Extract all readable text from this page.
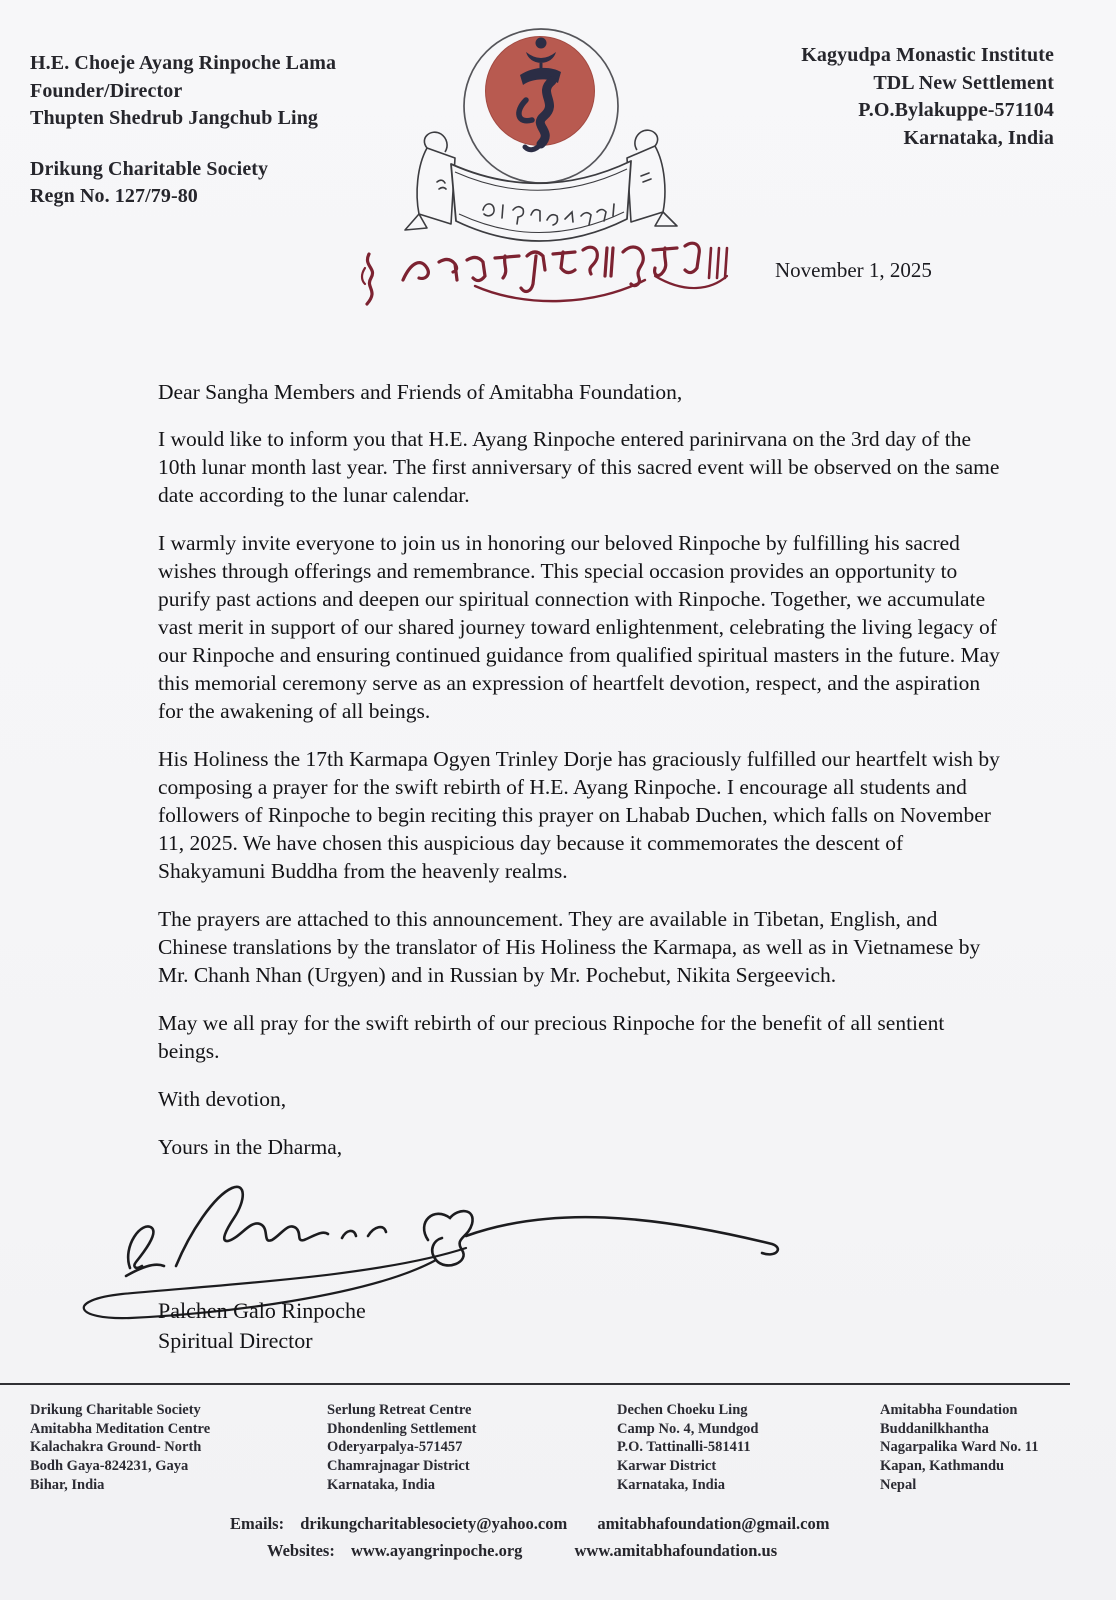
H.E. Choeje Ayang Rinpoche Lama
Founder/Director
Thupten Shedrub Jangchub Ling
Drikung Charitable Society
Regn No. 127/79-80
Kagyudpa Monastic Institute
TDL New Settlement
P.O.Bylakuppe-571104
Karnataka, India
November 1, 2025

Dear Sangha Members and Friends of Amitabha Foundation,

I would like to inform you that H.E. Ayang Rinpoche entered parinirvana on the 3rd day of the 10th lunar month last year. The first anniversary of this sacred event will be observed on the same date according to the lunar calendar.

I warmly invite everyone to join us in honoring our beloved Rinpoche by fulfilling his sacred wishes through offerings and remembrance. This special occasion provides an opportunity to purify past actions and deepen our spiritual connection with Rinpoche. Together, we accumulate vast merit in support of our shared journey toward enlightenment, celebrating the living legacy of our Rinpoche and ensuring continued guidance from qualified spiritual masters in the future. May this memorial ceremony serve as an expression of heartfelt devotion, respect, and the aspiration for the awakening of all beings.

His Holiness the 17th Karmapa Ogyen Trinley Dorje has graciously fulfilled our heartfelt wish by composing a prayer for the swift rebirth of H.E. Ayang Rinpoche. I encourage all students and followers of Rinpoche to begin reciting this prayer on Lhabab Duchen, which falls on November 11, 2025. We have chosen this auspicious day because it commemorates the descent of Shakyamuni Buddha from the heavenly realms.

The prayers are attached to this announcement. They are available in Tibetan, English, and Chinese translations by the translator of His Holiness the Karmapa, as well as in Vietnamese by Mr. Chanh Nhan (Urgyen) and in Russian by Mr. Pochebut, Nikita Sergeevich.

May we all pray for the swift rebirth of our precious Rinpoche for the benefit of all sentient beings.

With devotion,

Yours in the Dharma,

Palchen Galo Rinpoche
Spiritual Director
Drikung Charitable Society
Amitabha Meditation Centre
Kalachakra Ground- North
Bodh Gaya-824231, Gaya
Bihar, India
Serlung Retreat Centre
Dhondenling Settlement
Oderyarpalya-571457
Chamrajnagar District
Karnataka, India
Dechen Choeku Ling
Camp No. 4, Mundgod
P.O. Tattinalli-581411
Karwar District
Karnataka, India
Amitabha Foundation
Buddanilkhantha
Nagarpalika Ward No. 11
Kapan, Kathmandu
Nepal
Emails: drikungcharitablesociety@yahoo.com amitabhafoundation@gmail.com
Websites: www.ayangrinpoche.org	www.amitabhafoundation.us
